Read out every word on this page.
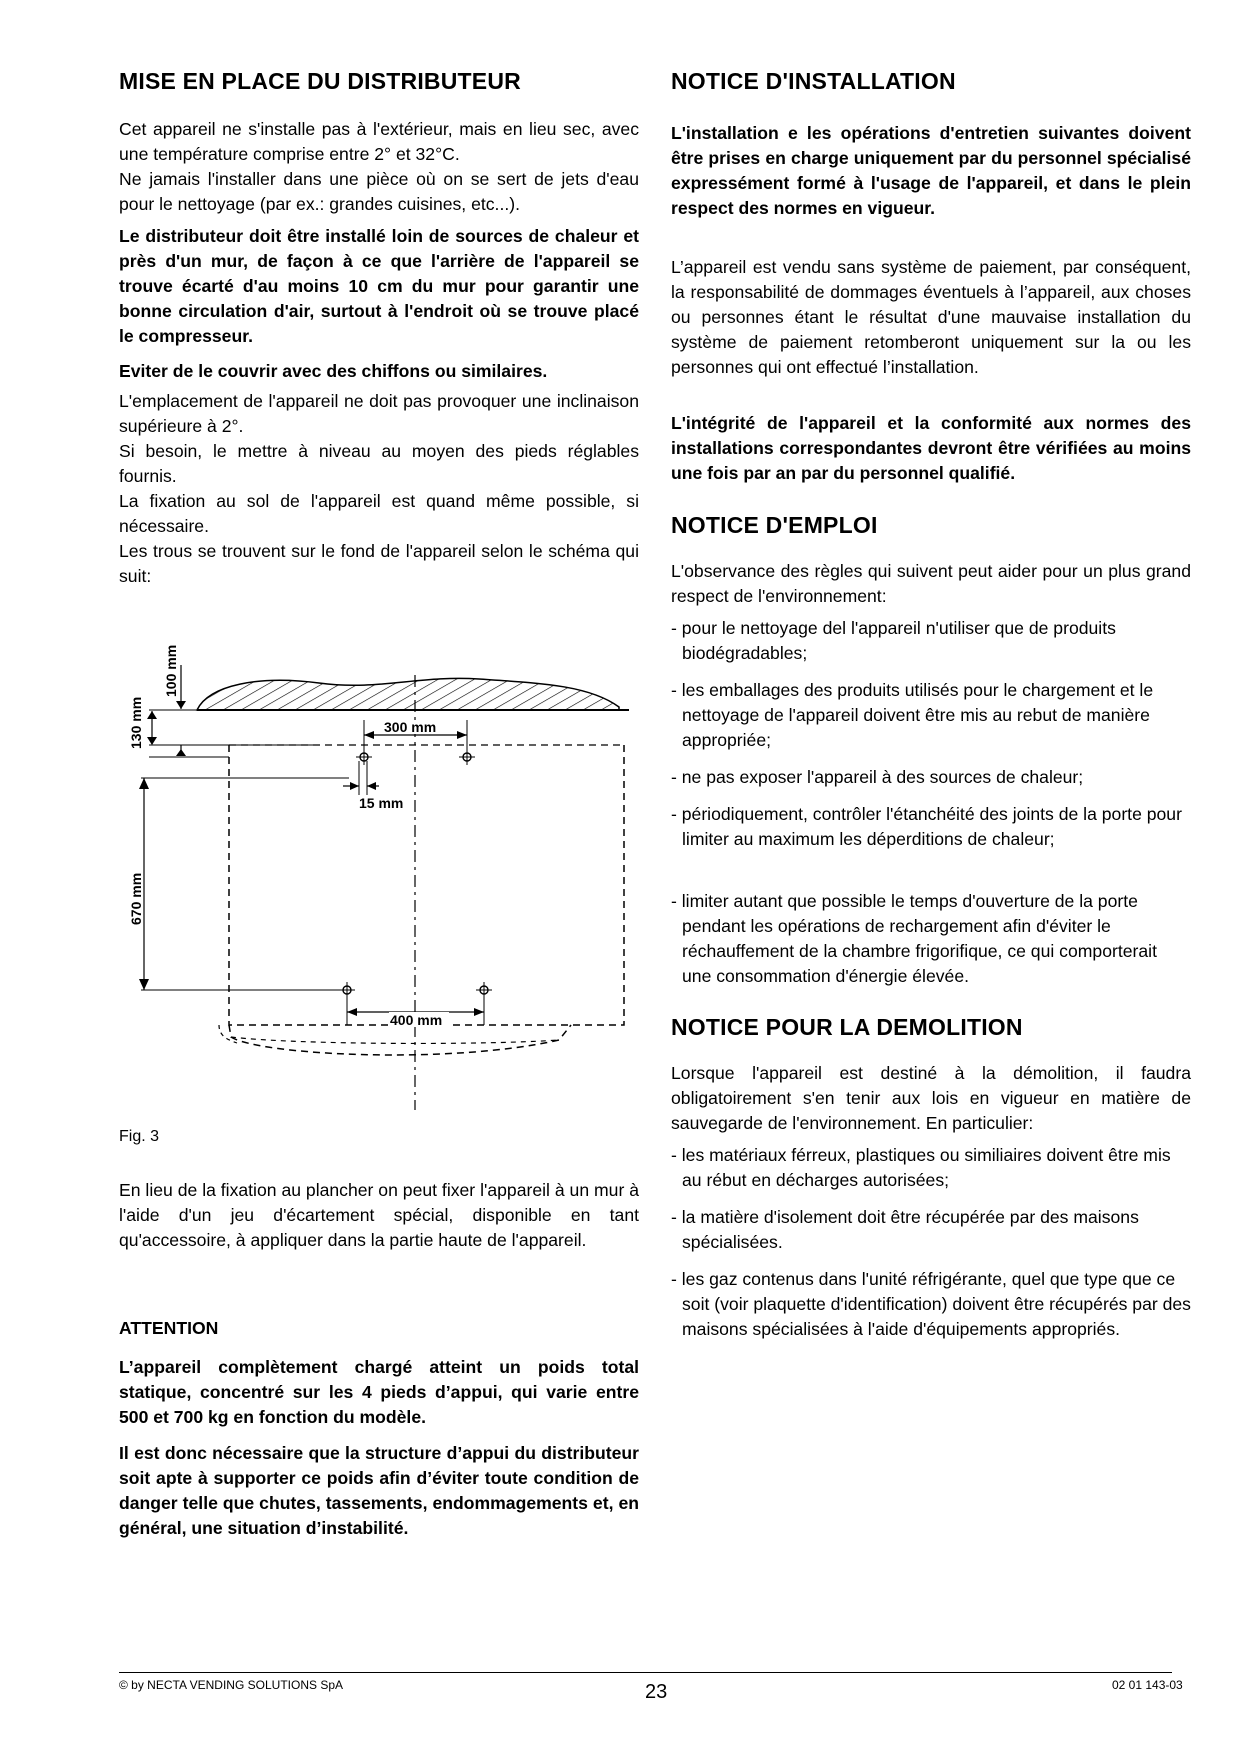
MISE EN PLACE DU DISTRIBUTEUR

Cet appareil ne s'installe pas à l'extérieur, mais en lieu sec, avec une température comprise entre 2° et 32°C.

Ne jamais l'installer dans une pièce où on se sert de jets d'eau pour le nettoyage (par ex.: grandes cuisines, etc...).

Le distributeur doit être installé loin de sources de chaleur et près d'un mur, de façon à ce que l'arrière de l'appareil se trouve écarté d'au moins 10 cm du mur pour garantir une bonne circulation d'air, surtout à l'endroit où se trouve placé le compresseur.

Eviter de le couvrir avec des chiffons ou similaires.

L'emplacement de l'appareil ne doit pas provoquer une inclinaison supérieure à 2°.

Si besoin, le mettre à niveau au moyen des pieds réglables fournis.

La fixation au sol de l'appareil est quand même possible, si nécessaire.

Les trous se trouvent sur le fond de l'appareil selon le schéma qui suit:

En lieu de la fixation au plancher on peut fixer l'appareil à un mur à l'aide d'un jeu d'écartement spécial, disponible en tant qu'accessoire, à appliquer dans la partie haute de l'appareil.

ATTENTION

L’appareil complètement chargé atteint un poids total statique, concentré sur les 4 pieds d’appui, qui varie entre 500 et 700 kg en fonction du modèle.

Il est donc nécessaire que la structure d’appui du distributeur soit apte à supporter ce poids afin d’éviter toute condition de danger telle que chutes, tassements, endommagements et, en général, une situation d’instabilité.

100 mm
130 mm	300 mm
15 mm
670 mm
400 mm
Fig. 3
NOTICE D'INSTALLATION

L'installation e les opérations d'entretien suivantes doivent être prises en charge uniquement par du personnel spécialisé expressément formé à l'usage de l'appareil, et dans le plein respect des normes en vigueur.

L’appareil est vendu sans système de paiement, par conséquent, la responsabilité de dommages éventuels à l’appareil, aux choses ou personnes étant le résultat d'une mauvaise installation du système de paiement retomberont uniquement sur la ou les personnes qui ont effectué l’installation.

L'intégrité de l'appareil et la conformité aux normes des installations correspondantes devront être vérifiées au moins une fois par an par du personnel qualifié.

NOTICE D'EMPLOI

L'observance des règles qui suivent peut aider pour un plus grand respect de l'environnement:

- pour le nettoyage del l'appareil n'utiliser que de produits biodégradables;

- les emballages des produits utilisés pour le chargement et le nettoyage de l'appareil doivent être mis au rebut de manière appropriée;

- ne pas exposer l'appareil à des sources de chaleur;

- périodiquement, contrôler l'étanchéité des joints de la porte pour limiter au maximum les déperditions de chaleur;

- limiter autant que possible le temps d'ouverture de la porte pendant les opérations de rechargement afin d'éviter le réchauffement de la chambre frigorifique, ce qui comporterait une consommation d'énergie élevée.

NOTICE POUR LA DEMOLITION

Lorsque l'appareil est destiné à la démolition, il faudra obligatoirement s'en tenir aux lois en vigueur en matière de sauvegarde de l'environnement. En particulier:

- les matériaux férreux, plastiques ou similiaires doivent être mis au rébut en décharges autorisées;

- la matière d'isolement doit être récupérée par des maisons spécialisées.

- les gaz contenus dans l'unité réfrigérante, quel que type que ce soit (voir plaquette d'identification) doivent être récupérés par des maisons spécialisées à l'aide d'équipements appropriés.

© by NECTA VENDING SOLUTIONS SpA	23	02 01 143-03
